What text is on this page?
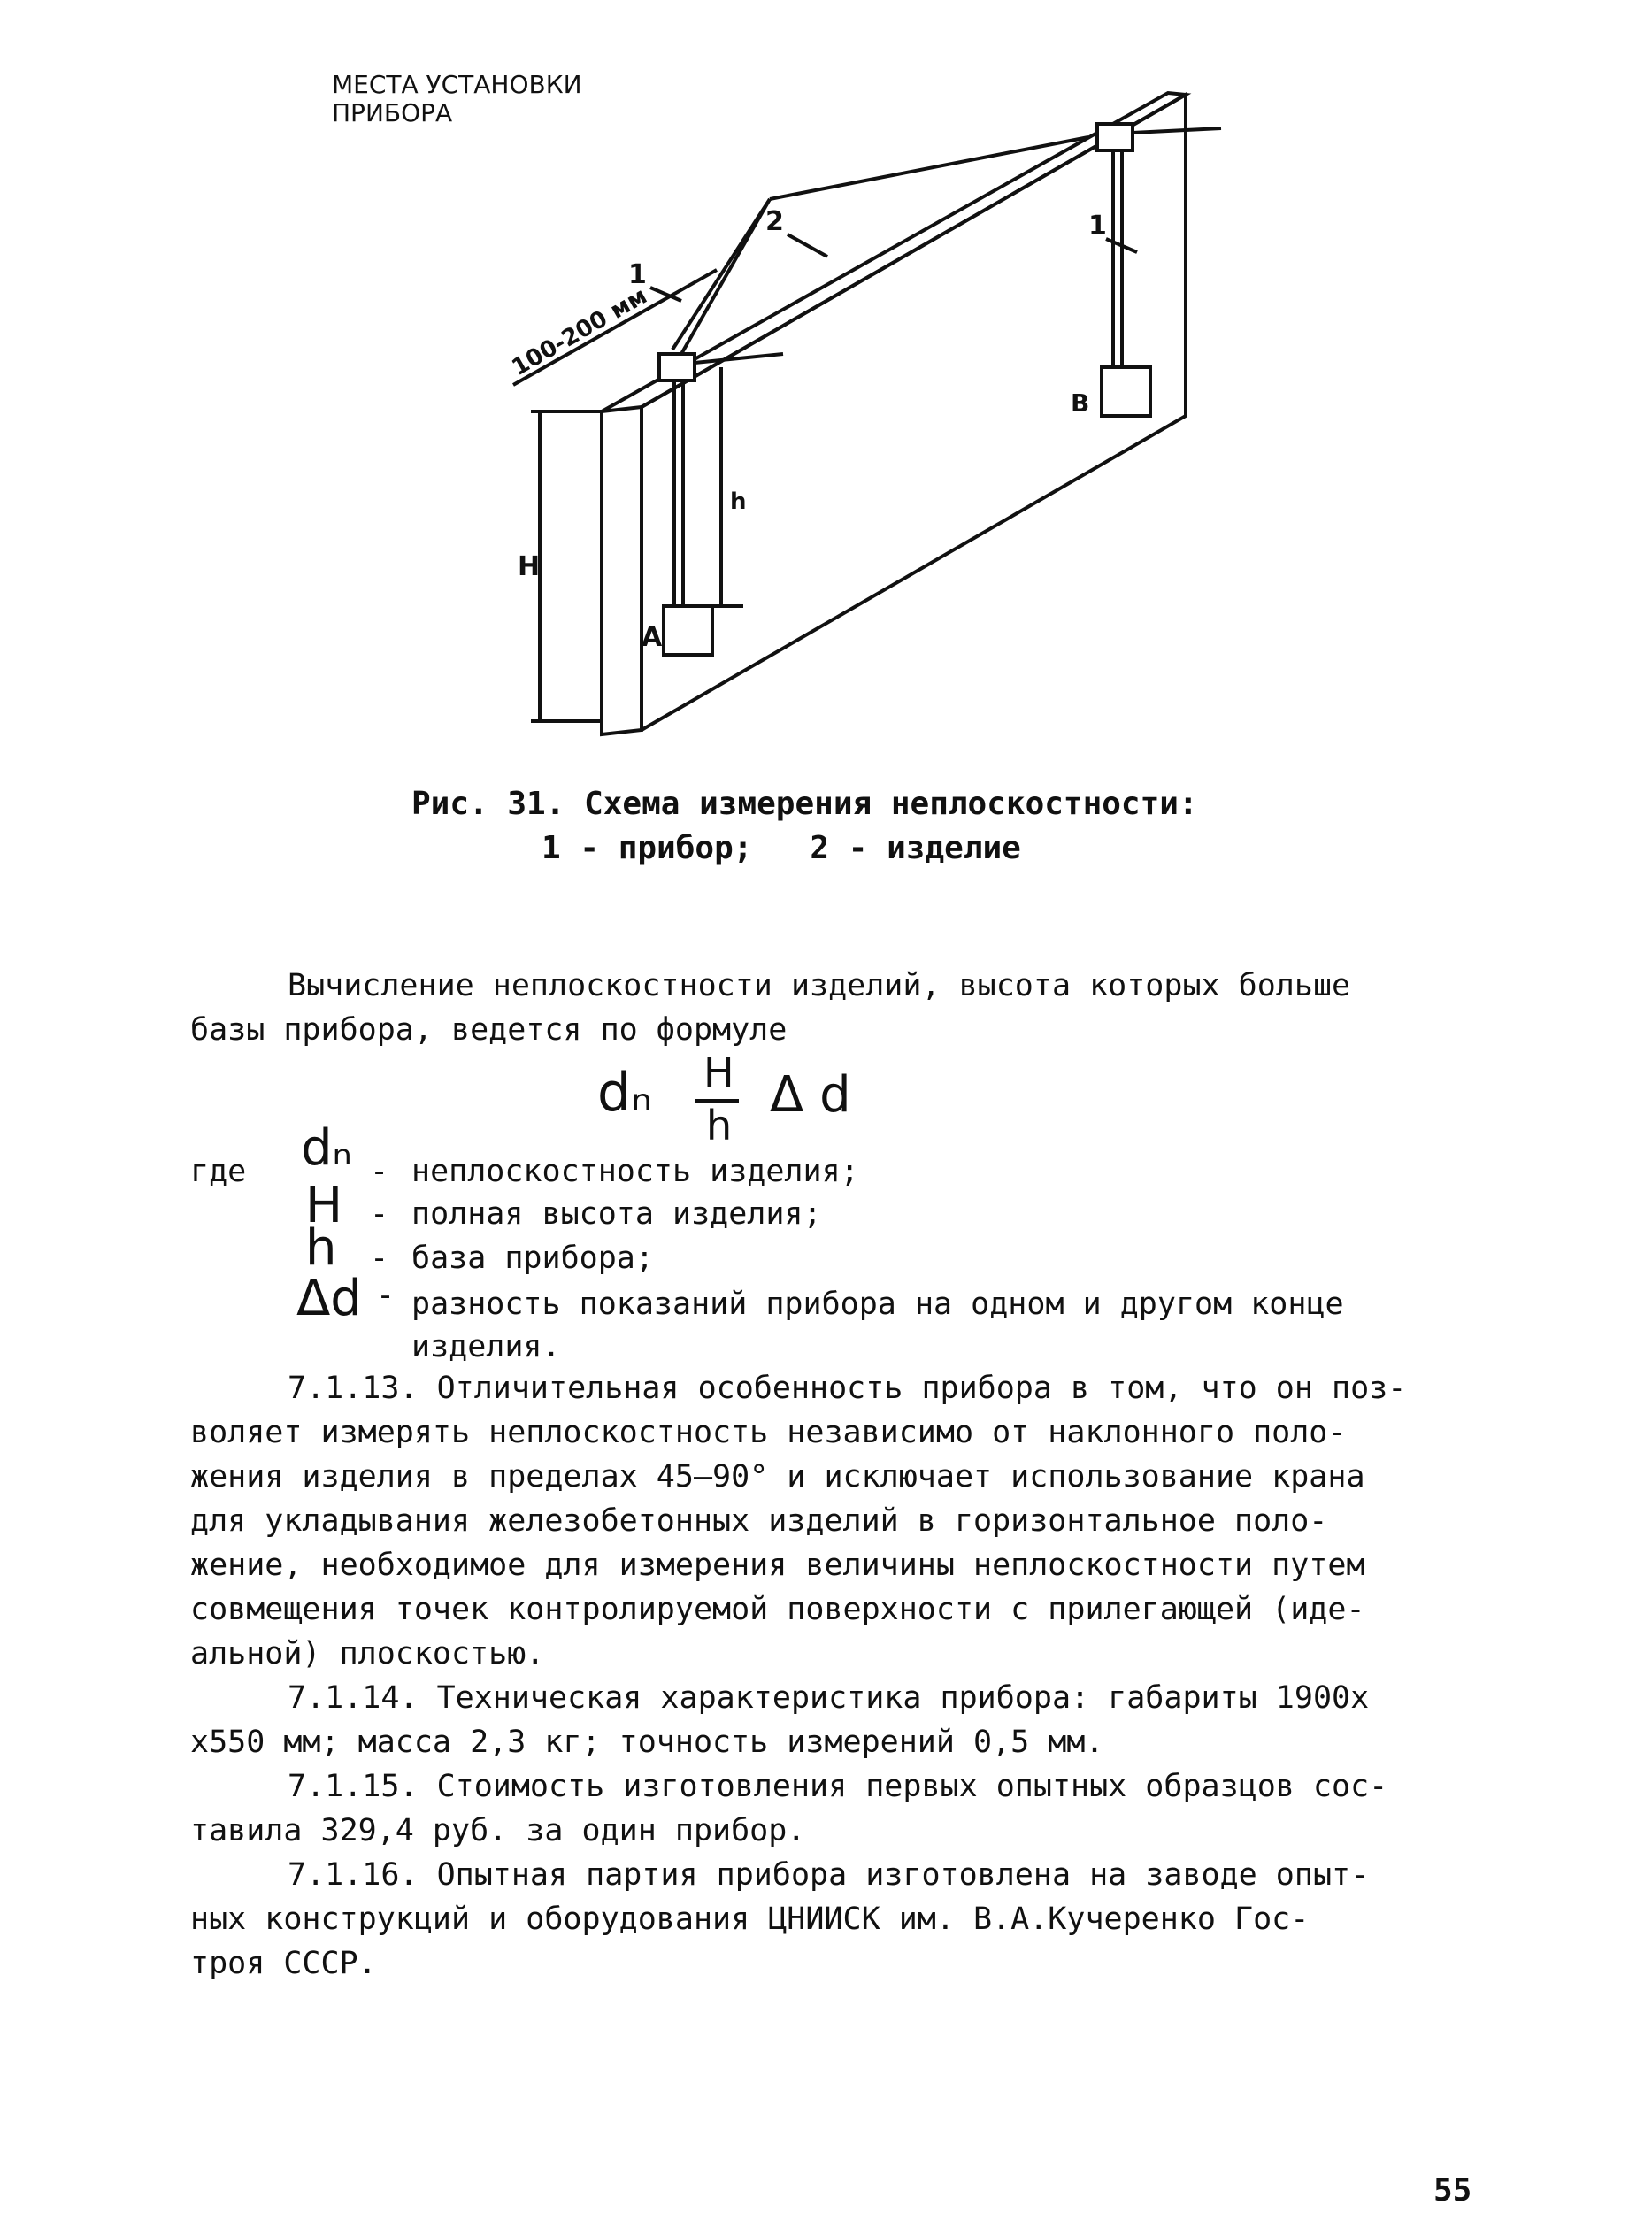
МЕСТА УСТАНОВКИ
ПРИБОРА
100-200 мм
1
1
2
H
h
A
B
Рис. 31. Схема измерения неплоскостности:
1 - прибор;   2 - изделие
Вычисление неплоскостности изделий, высота которых больше
базы прибора, ведется по формуле
dₙ H
h
Δ d
где dₙ - неплоскостность изделия;
H - полная высота изделия;
h - база прибора;
Δd - разность показаний прибора на одном и другом конце
изделия.
7.1.13. Отличительная особенность прибора в том, что он поз-
воляет измерять неплоскостность независимо от наклонного поло-
жения изделия в пределах 45–90° и исключает использование крана
для укладывания железобетонных изделий в горизонтальное поло-
жение, необходимое для измерения величины неплоскостности путем
совмещения точек контролируемой поверхности с прилегающей (иде-
альной) плоскостью.
7.1.14. Техническая характеристика прибора: габариты 1900х
х550 мм; масса 2,3 кг; точность измерений 0,5 мм.
7.1.15. Стоимость изготовления первых опытных образцов сос-
тавила 329,4 руб. за один прибор.
7.1.16. Опытная партия прибора изготовлена на заводе опыт-
ных конструкций и оборудования ЦНИИСК им. В.А.Кучеренко Гос-
троя СССР.
55
